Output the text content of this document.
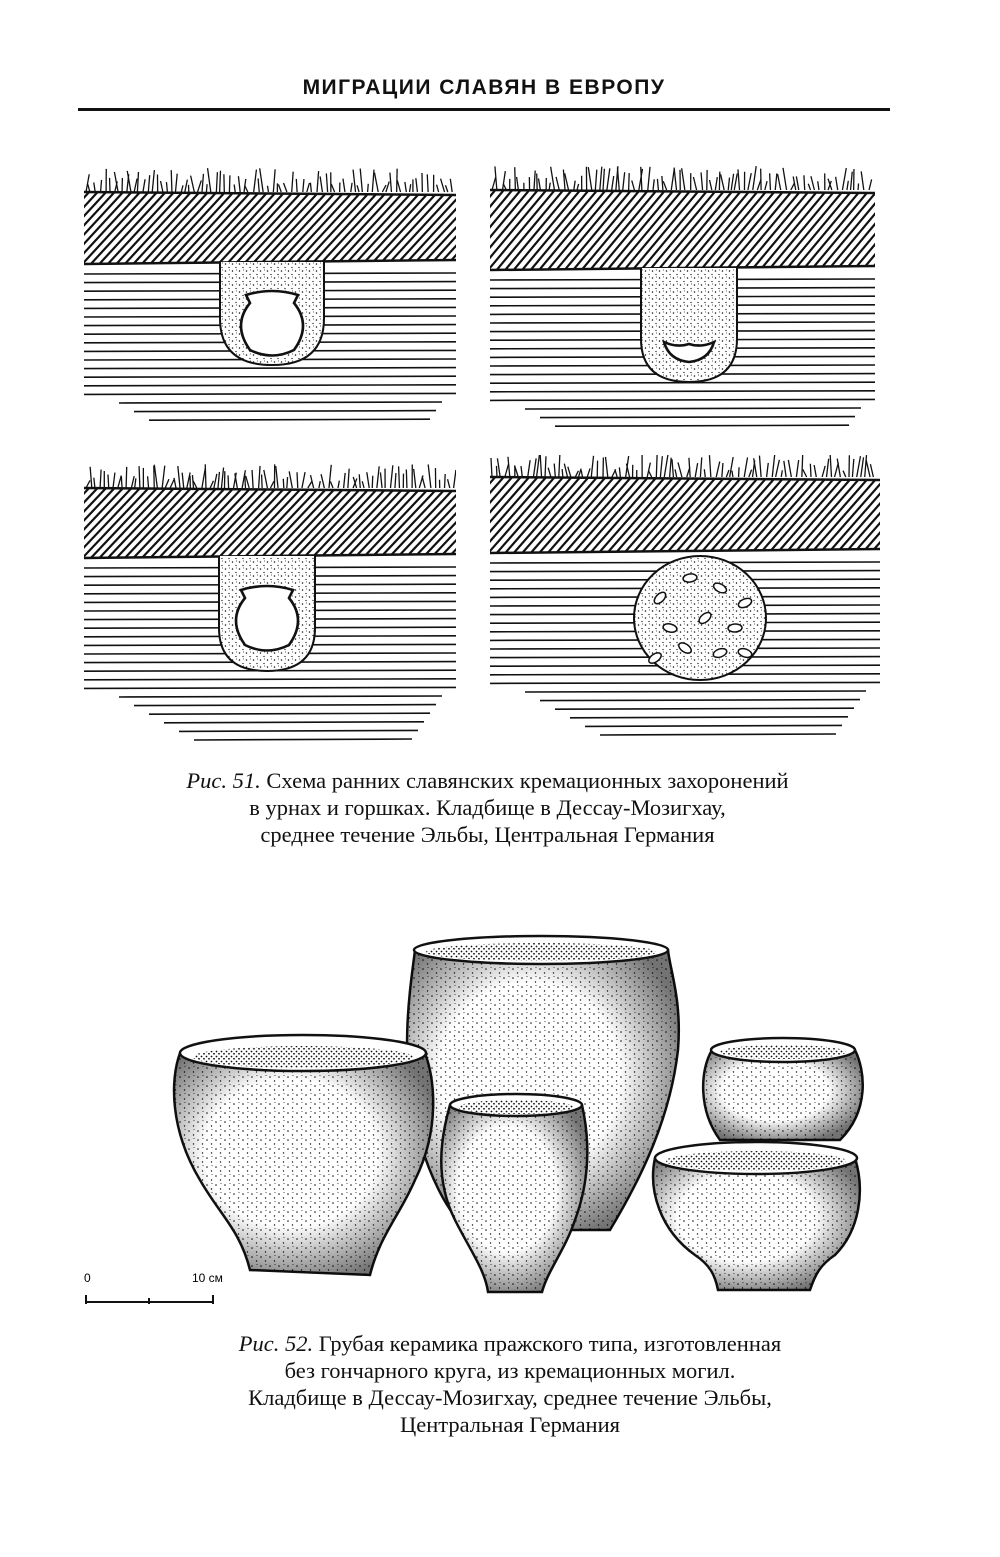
МИГРАЦИИ СЛАВЯН В ЕВРОПУ
Рис. 51. Схема ранних славянских кремационных захоронений
в урнах и горшках. Кладбище в Дессау-Мозигхау,
среднее течение Эльбы, Центральная Германия
0	10 см
Рис. 52. Грубая керамика пражского типа, изготовленная
без гончарного круга, из кремационных могил.
Кладбище в Дессау-Мозигхау, среднее течение Эльбы,
Центральная Германия
